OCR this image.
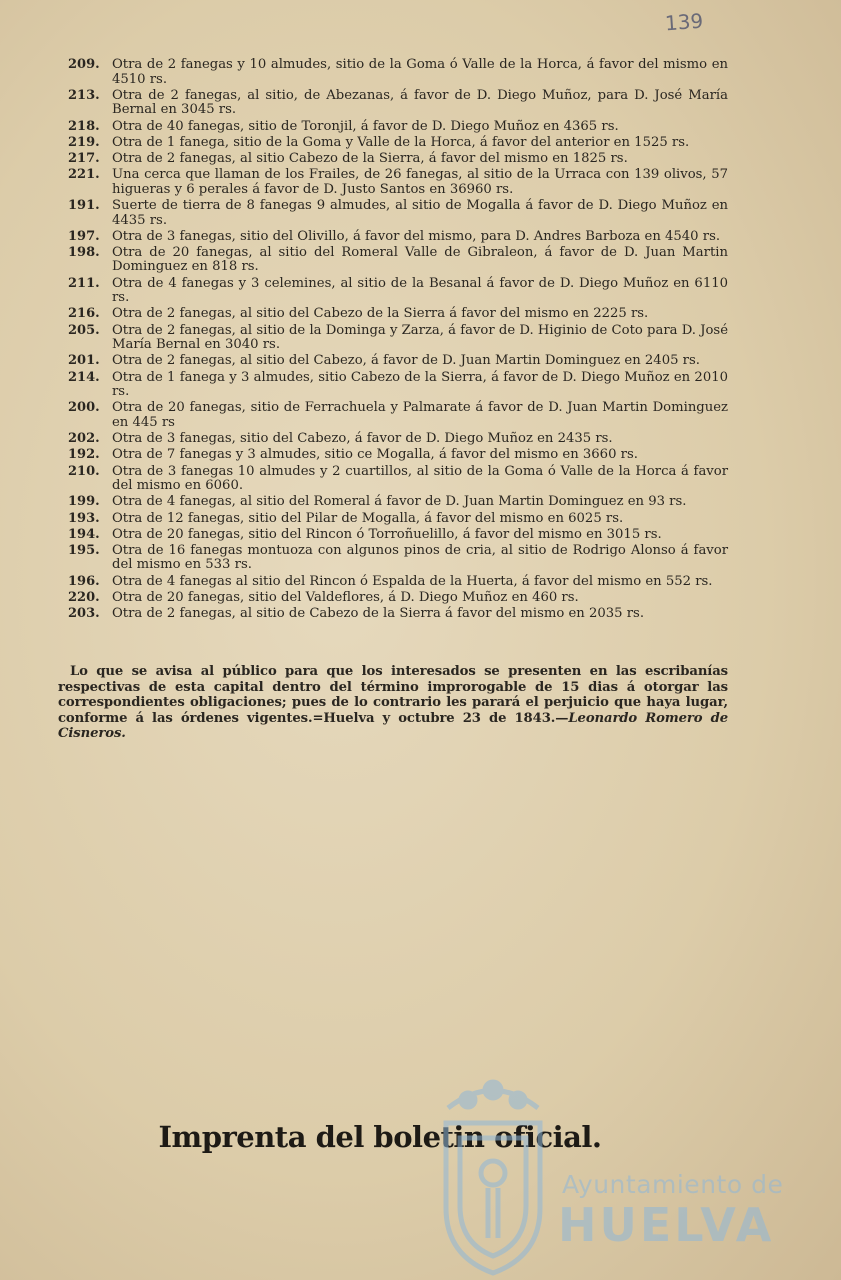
139
209. Otra de 2 fanegas y 10 almudes, sitio de la Goma ó Valle de la Horca, á favor del mismo en 4510 rs.
213. Otra de 2 fanegas, al sitio, de Abezanas, á favor de D. Diego Muñoz, para D. José María Bernal en 3045 rs.
218. Otra de 40 fanegas, sitio de Toronjil, á favor de D. Diego Muñoz en 4365 rs.
219. Otra de 1 fanega, sitio de la Goma y Valle de la Horca, á favor del anterior en 1525 rs.
217. Otra de 2 fanegas, al sitio Cabezo de la Sierra, á favor del mismo en 1825 rs.
221. Una cerca que llaman de los Frailes, de 26 fanegas, al sitio de la Urraca con 139 olivos, 57 higueras y 6 perales á favor de D. Justo Santos en 36960 rs.
191. Suerte de tierra de 8 fanegas 9 almudes, al sitio de Mogalla á favor de D. Diego Muñoz en 4435 rs.
197. Otra de 3 fanegas, sitio del Olivillo, á favor del mismo, para D. Andres Barboza en 4540 rs.
198. Otra de 20 fanegas, al sitio del Romeral Valle de Gibraleon, á favor de D. Juan Martin Dominguez en 818 rs.
211. Otra de 4 fanegas y 3 celemines, al sitio de la Besanal á favor de D. Diego Muñoz en 6110 rs.
216. Otra de 2 fanegas, al sitio del Cabezo de la Sierra á favor del mismo en 2225 rs.
205. Otra de 2 fanegas, al sitio de la Dominga y Zarza, á favor de D. Higinio de Coto para D. José María Bernal en 3040 rs.
201. Otra de 2 fanegas, al sitio del Cabezo, á favor de D. Juan Martin Dominguez en 2405 rs.
214. Otra de 1 fanega y 3 almudes, sitio Cabezo de la Sierra, á favor de D. Diego Muñoz en 2010 rs.
200. Otra de 20 fanegas, sitio de Ferrachuela y Palmarate á favor de D. Juan Martin Dominguez en 445 rs
202. Otra de 3 fanegas, sitio del Cabezo, á favor de D. Diego Muñoz en 2435 rs.
192. Otra de 7 fanegas y 3 almudes, sitio ce Mogalla, á favor del mismo en 3660 rs.
210. Otra de 3 fanegas 10 almudes y 2 cuartillos, al sitio de la Goma ó Valle de la Horca á favor del mismo en 6060.
199. Otra de 4 fanegas, al sitio del Romeral á favor de D. Juan Martin Dominguez en 93 rs.
193. Otra de 12 fanegas, sitio del Pilar de Mogalla, á favor del mismo en 6025 rs.
194. Otra de 20 fanegas, sitio del Rincon ó Torroñuelillo, á favor del mismo en 3015 rs.
195. Otra de 16 fanegas montuoza con algunos pinos de cria, al sitio de Rodrigo Alonso á favor del mismo en 533 rs.
196. Otra de 4 fanegas al sitio del Rincon ó Espalda de la Huerta, á favor del mismo en 552 rs.
220. Otra de 20 fanegas, sitio del Valdeflores, á D. Diego Muñoz en 460 rs.
203. Otra de 2 fanegas, al sitio de Cabezo de la Sierra á favor del mismo en 2035 rs.
Lo que se avisa al público para que los interesados se presenten en las escribanías respectivas de esta capital dentro del término improrogable de 15 dias á otorgar las correspondientes obligaciones; pues de lo contrario les parará el perjuicio que haya lugar, conforme á las órdenes vigentes.=Huelva y octubre 23 de 1843.—Leonardo Romero de Cisneros.
Imprenta del boletin oficial.
Ayuntamiento de
HUELVA
